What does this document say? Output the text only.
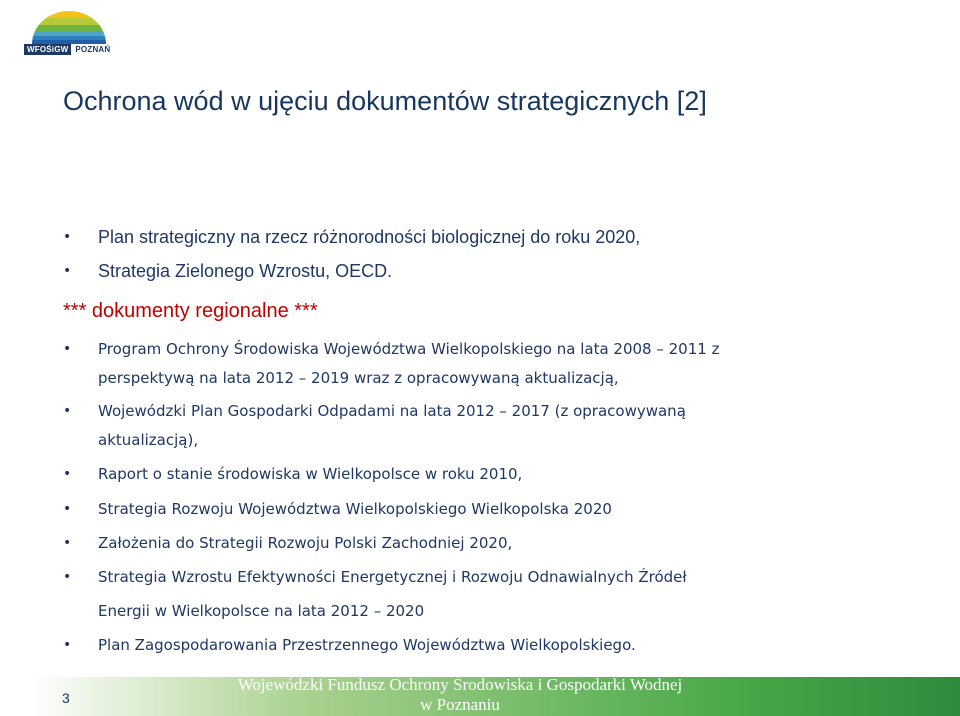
WFOŚiGW POZNAŃ
Ochrona wód w ujęciu dokumentów strategicznych [2]
• Plan strategiczny na rzecz różnorodności biologicznej do roku 2020,
• Strategia Zielonego Wzrostu, OECD.
*** dokumenty regionalne ***
• Program Ochrony Środowiska Województwa Wielkopolskiego na lata 2008 – 2011 z
perspektywą na lata 2012 – 2019 wraz z opracowywaną aktualizacją,
• Wojewódzki Plan Gospodarki Odpadami na lata 2012 – 2017 (z opracowywaną
aktualizacją),
• Raport o stanie środowiska w Wielkopolsce w roku 2010,
• Strategia Rozwoju Województwa Wielkopolskiego Wielkopolska 2020
• Założenia do Strategii Rozwoju Polski Zachodniej 2020,
• Strategia Wzrostu Efektywności Energetycznej i Rozwoju Odnawialnych Źródeł
Energii w Wielkopolsce na lata 2012 – 2020
• Plan Zagospodarowania Przestrzennego Województwa Wielkopolskiego.
3
Wojewódzki Fundusz Ochrony Środowiska i Gospodarki Wodnej
w Poznaniu
